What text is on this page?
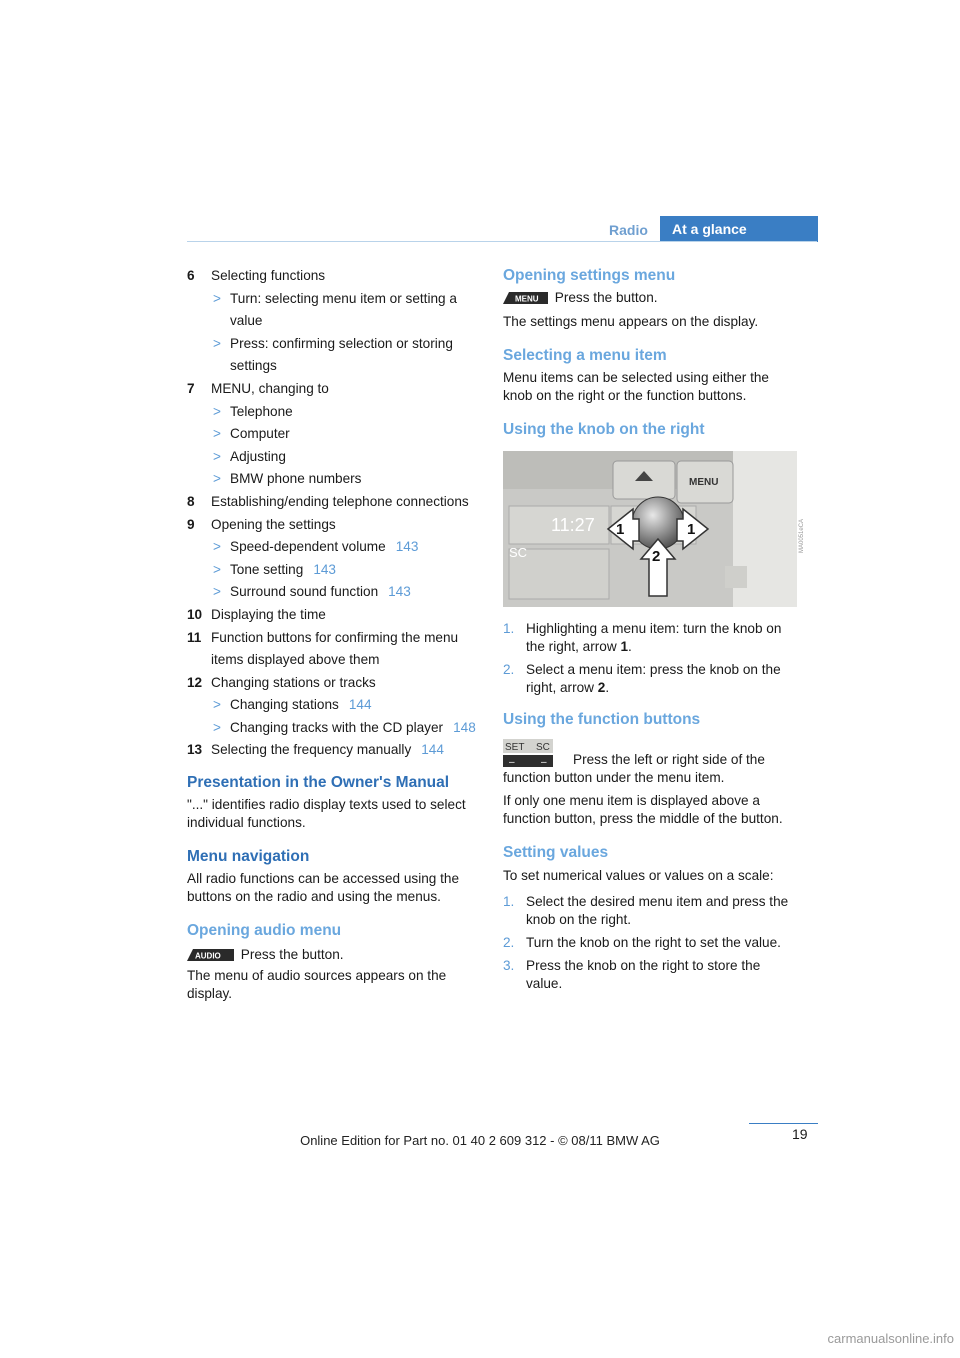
Radio	At a glance
6 Selecting functions
> Turn: selecting menu item or setting a value
> Press: confirming selection or storing settings
7 MENU, changing to
> Telephone
> Computer
> Adjusting
> BMW phone numbers
8 Establishing/ending telephone connections
9 Opening the settings
> Speed-dependent volume 143
> Tone setting 143
> Surround sound function 143
10 Displaying the time
11 Function buttons for confirming the menu items displayed above them
12 Changing stations or tracks
> Changing stations 144
> Changing tracks with the CD player 148
13 Selecting the frequency manually 144
Presentation in the Owner's Manual

"..." identifies radio display texts used to select individual functions.

Menu navigation

All radio functions can be accessed using the buttons on the radio and using the menus.

Opening audio menu

AUDIO Press the button.

The menu of audio sources appears on the display.

Opening settings menu

MENU Press the button.

The settings menu appears on the display.

Selecting a menu item

Menu items can be selected using either the knob on the right or the function buttons.

Using the knob on the right
11:27
SC
MENU
1	1
2
MA0051eCA
1. Highlighting a menu item: turn the knob on the right, arrow 1.
2. Select a menu item: press the knob on the right, arrow 2.
Using the function buttons
SET SC
–	–	Press the left or right side of the function button under the menu item.

If only one menu item is displayed above a function button, press the middle of the button.

Setting values

To set numerical values or values on a scale:

1. Select the desired menu item and press the knob on the right.
2. Turn the knob on the right to set the value.
3. Press the knob on the right to store the value.
19
Online Edition for Part no. 01 40 2 609 312 - © 08/11 BMW AG
carmanualsonline.info
